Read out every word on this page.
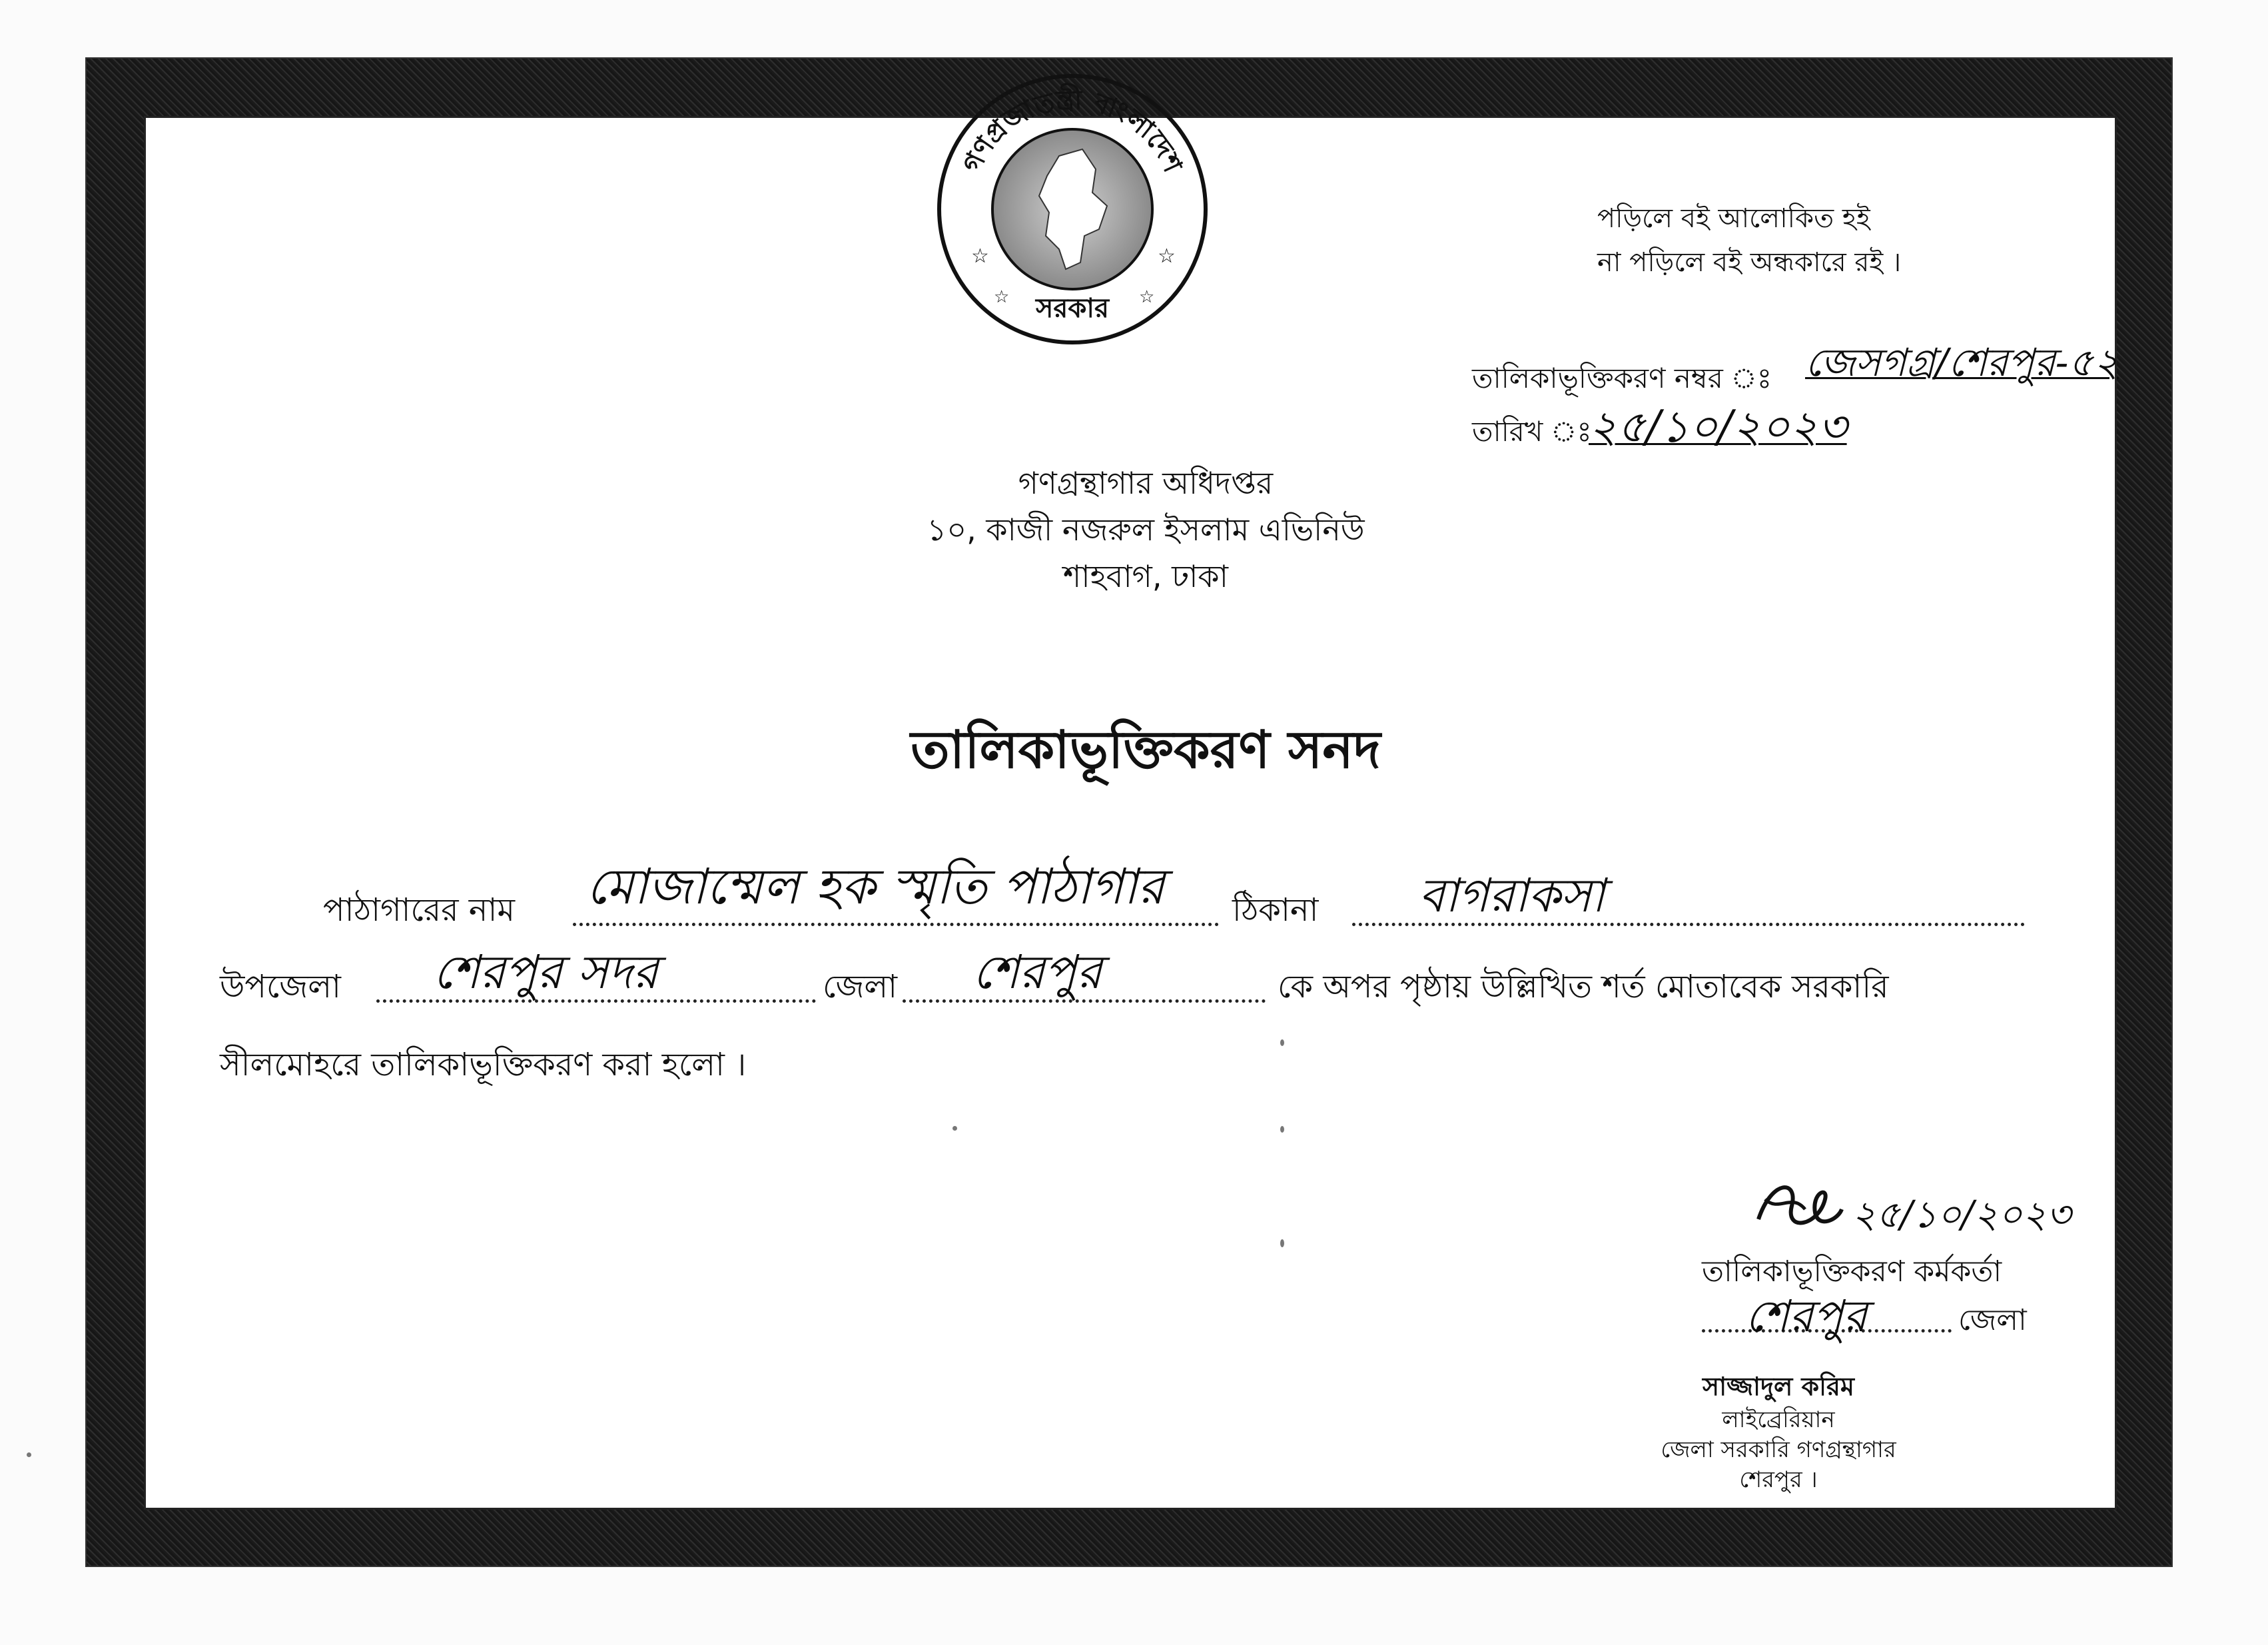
গণপ্রজাতন্ত্রী বাংলাদেশ
সরকার
☆	☆
☆	☆
পড়িলে বই আলোকিত হই
না পড়িলে বই অন্ধকারে রই ।
তালিকাভূক্তিকরণ নম্বর ঃ জেসগগ্র/শেরপুর-৫২
তারিখ ঃ
২৫/১০/২০২৩
গণগ্রন্থাগার অধিদপ্তর
১০, কাজী নজরুল ইসলাম এভিনিউ
শাহবাগ, ঢাকা
তালিকাভূক্তিকরণ সনদ
পাঠাগারের নাম মোজাম্মেল হক স্মৃতি পাঠাগার ঠিকানা বাগরাকসা
উপজেলা শেরপুর সদর	জেলা শেরপুর	কে অপর পৃষ্ঠায় উল্লিখিত শর্ত মোতাবেক সরকারি
সীলমোহরে তালিকাভূক্তিকরণ করা হলো ।
২৫/১০/২০২৩
তালিকাভূক্তিকরণ কর্মকর্তা
শেরপুর	জেলা
সাজ্জাদুল করিম
লাইব্রেরিয়ান
জেলা সরকারি গণগ্রন্থাগার
শেরপুর ।
